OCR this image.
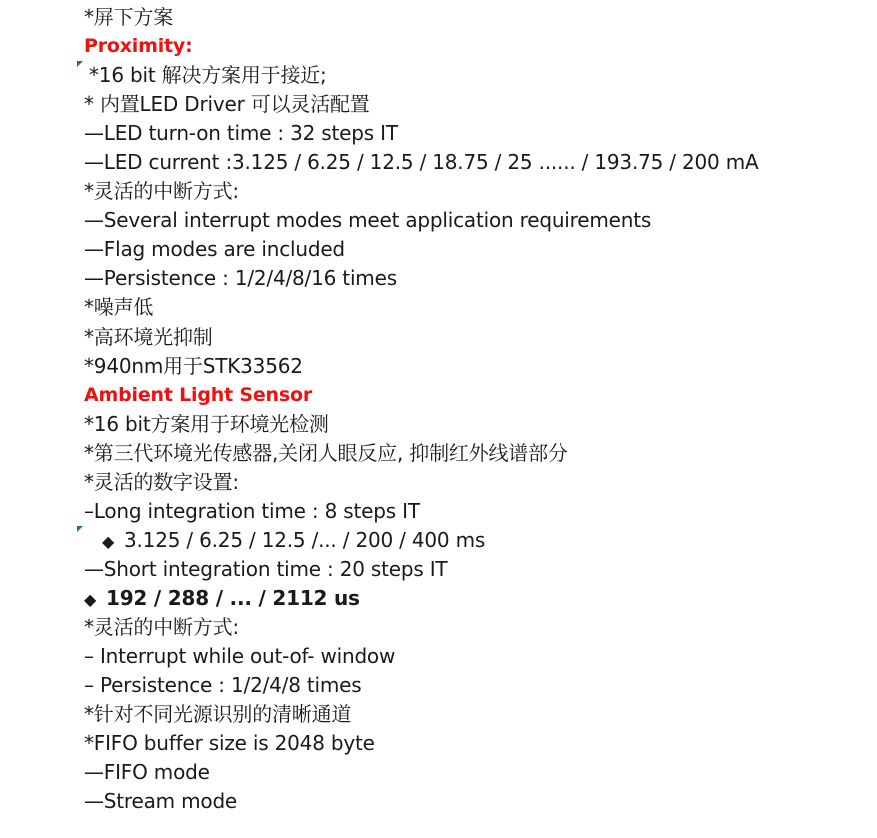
*屏下方案
Proximity:
*16 bit 解决方案用于接近;
* 内置LED Driver 可以灵活配置
—LED turn-on time : 32 steps IT
—LED current :3.125 / 6.25 / 12.5 / 18.75 / 25 ...... / 193.75 / 200 mA
*灵活的中断方式:
—Several interrupt modes meet application requirements
—Flag modes are included
—Persistence : 1/2/4/8/16 times
*噪声低
*高环境光抑制
*940nm用于STK33562
Ambient Light Sensor
*16 bit方案用于环境光检测
*第三代环境光传感器,关闭人眼反应, 抑制红外线谱部分
*灵活的数字设置:
–Long integration time : 8 steps IT
◆ 3.125 / 6.25 / 12.5 /... / 200 / 400 ms
—Short integration time : 20 steps IT
◆ 192 / 288 / ... / 2112 us
*灵活的中断方式:
– Interrupt while out-of- window
– Persistence : 1/2/4/8 times
*针对不同光源识别的清晰通道
*FIFO buffer size is 2048 byte
—FIFO mode
—Stream mode
